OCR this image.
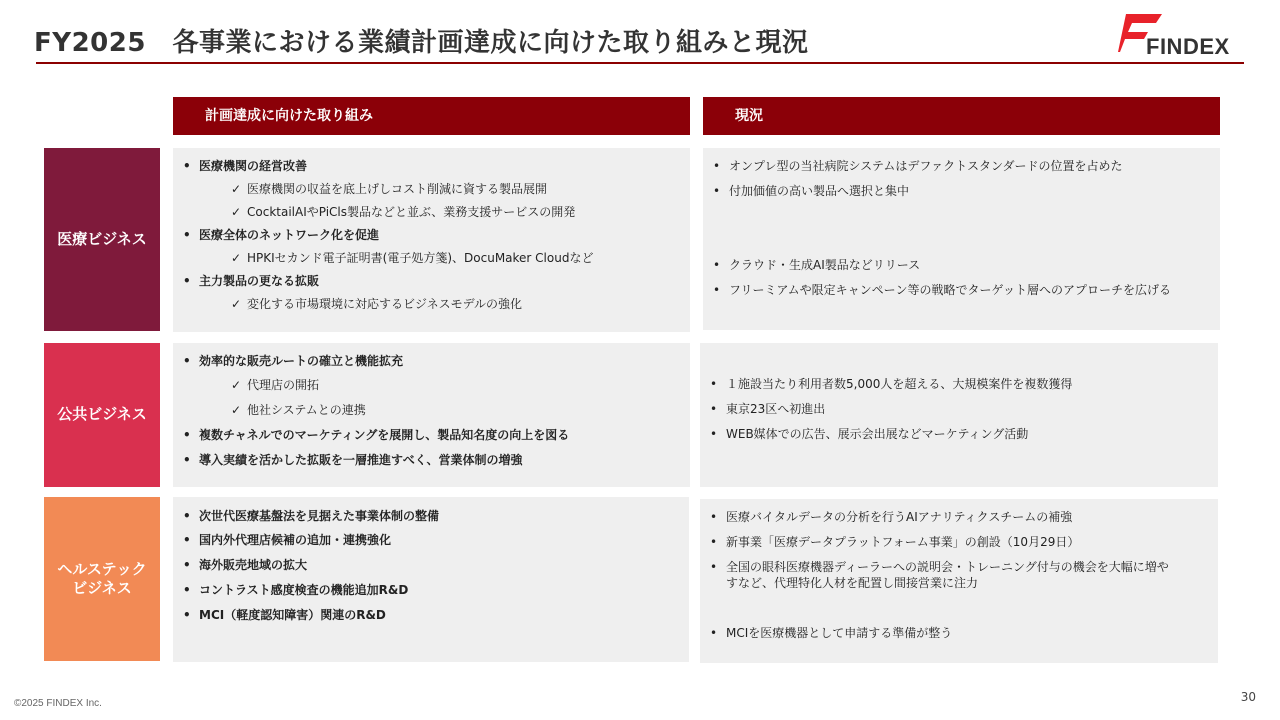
FY2025　各事業における業績計画達成に向けた取り組みと現況	FINDEX
計画達成に向けた取り組み	現況
医療ビジネス
• 医療機関の経営改善
✓ 医療機関の収益を底上げしコスト削減に資する製品展開
✓ CocktailAIやPiCls製品などと並ぶ、業務支援サービスの開発
• 医療全体のネットワーク化を促進
✓ HPKIセカンド電子証明書(電子処方箋)、DocuMaker Cloudなど
• 主力製品の更なる拡販
✓ 変化する市場環境に対応するビジネスモデルの強化
• オンプレ型の当社病院システムはデファクトスタンダードの位置を占めた
• 付加価値の高い製品へ選択と集中
• クラウド・生成AI製品などリリース
• フリーミアムや限定キャンペーン等の戦略でターゲット層へのアプローチを広げる
公共ビジネス
• 効率的な販売ルートの確立と機能拡充
✓ 代理店の開拓
✓ 他社システムとの連携
• 複数チャネルでのマーケティングを展開し、製品知名度の向上を図る
• 導入実績を活かした拡販を一層推進すべく、営業体制の増強
• １施設当たり利用者数5,000人を超える、大規模案件を複数獲得
• 東京23区へ初進出
• WEB媒体での広告、展示会出展などマーケティング活動
ヘルステック
ビジネス
• 次世代医療基盤法を見据えた事業体制の整備
• 国内外代理店候補の追加・連携強化
• 海外販売地域の拡大
• コントラスト感度検査の機能追加R&D
• MCI（軽度認知障害）関連のR&D
• 医療バイタルデータの分析を行うAIアナリティクスチームの補強
• 新事業「医療データプラットフォーム事業」の創設（10月29日）
• 全国の眼科医療機器ディーラーへの説明会・トレーニング付与の機会を大幅に増や
すなど、代理特化人材を配置し間接営業に注力
• MCIを医療機器として申請する準備が整う
30
©2025 FINDEX Inc.
